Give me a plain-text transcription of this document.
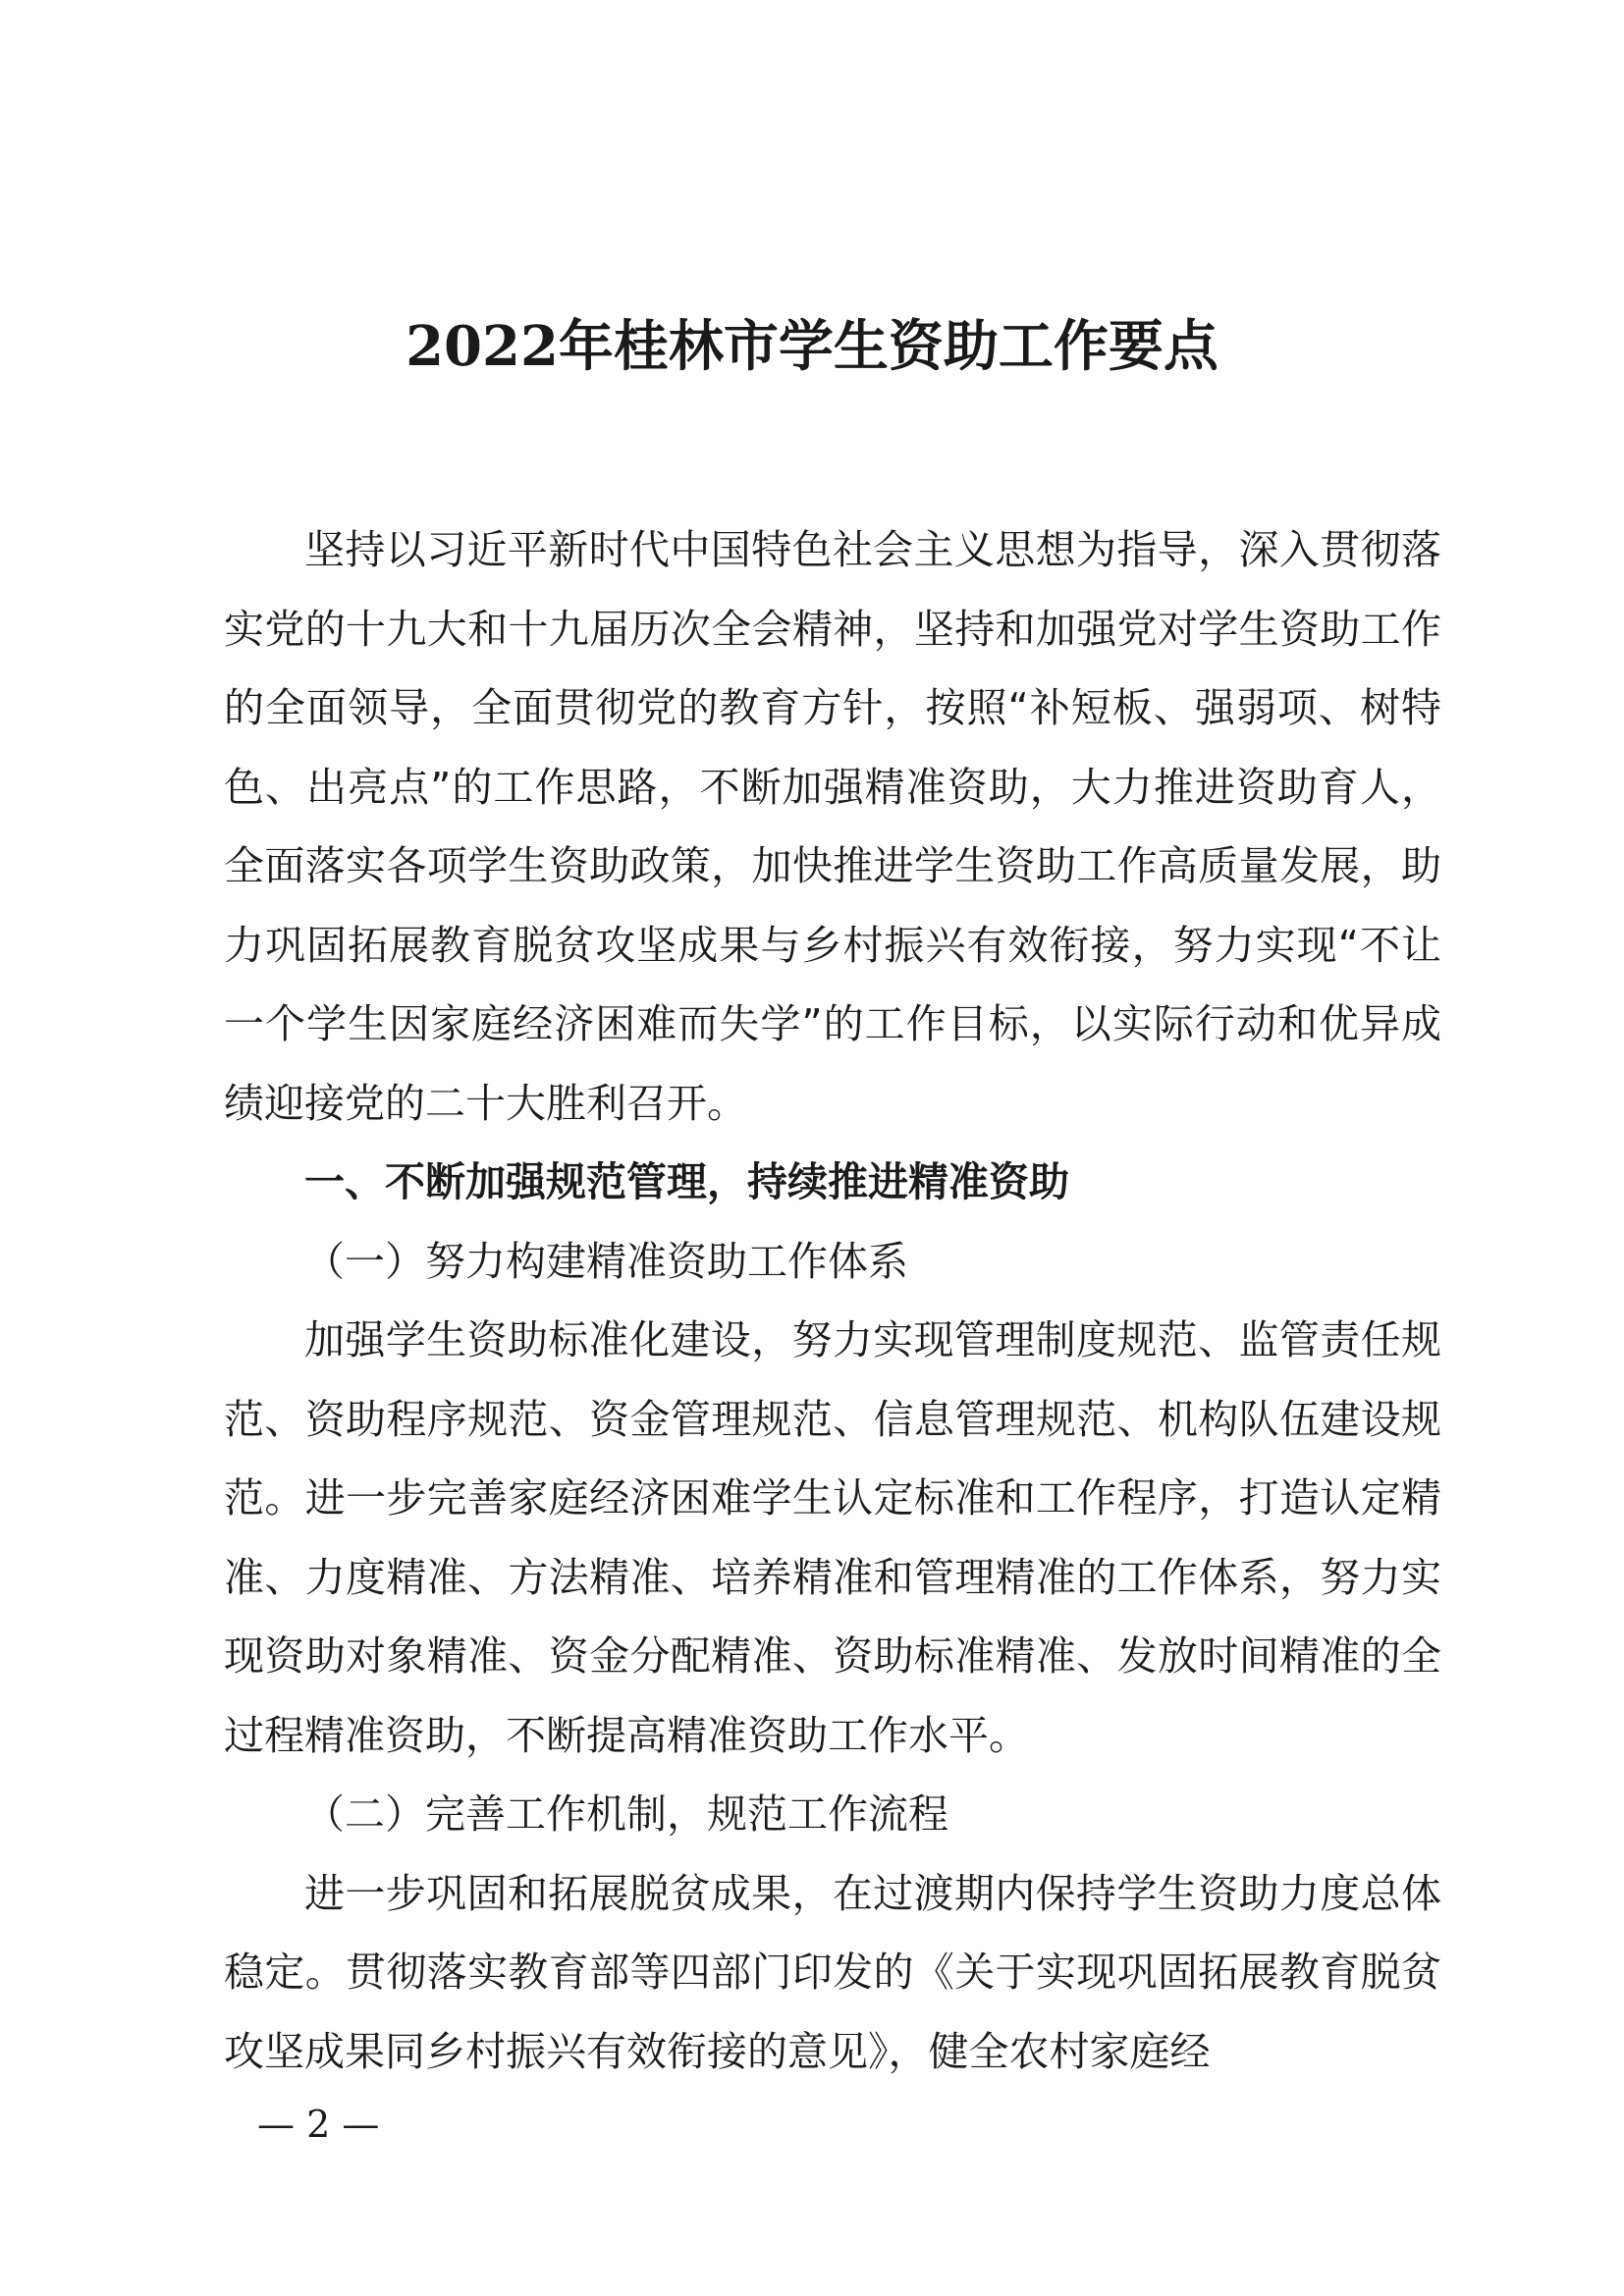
2022年桂林市学生资助工作要点

坚持以习近平新时代中国特色社会主义思想为指导，深入贯彻落实党的十九大和十九届历次全会精神，坚持和加强党对学生资助工作的全面领导，全面贯彻党的教育方针，按照“补短板、强弱项、树特色、出亮点”的工作思路，不断加强精准资助，大力推进资助育人，全面落实各项学生资助政策，加快推进学生资助工作高质量发展，助力巩固拓展教育脱贫攻坚成果与乡村振兴有效衔接，努力实现“不让一个学生因家庭经济困难而失学”的工作目标，以实际行动和优异成绩迎接党的二十大胜利召开。

一、不断加强规范管理，持续推进精准资助

（一）努力构建精准资助工作体系

加强学生资助标准化建设，努力实现管理制度规范、监管责任规范、资助程序规范、资金管理规范、信息管理规范、机构队伍建设规范。进一步完善家庭经济困难学生认定标准和工作程序，打造认定精准、力度精准、方法精准、培养精准和管理精准的工作体系，努力实现资助对象精准、资金分配精准、资助标准精准、发放时间精准的全过程精准资助，不断提高精准资助工作水平。

（二）完善工作机制，规范工作流程

进一步巩固和拓展脱贫成果，在过渡期内保持学生资助力度总体稳定。贯彻落实教育部等四部门印发的《关于实现巩固拓展教育脱贫攻坚成果同乡村振兴有效衔接的意见》，健全农村家庭经

— 2 —
